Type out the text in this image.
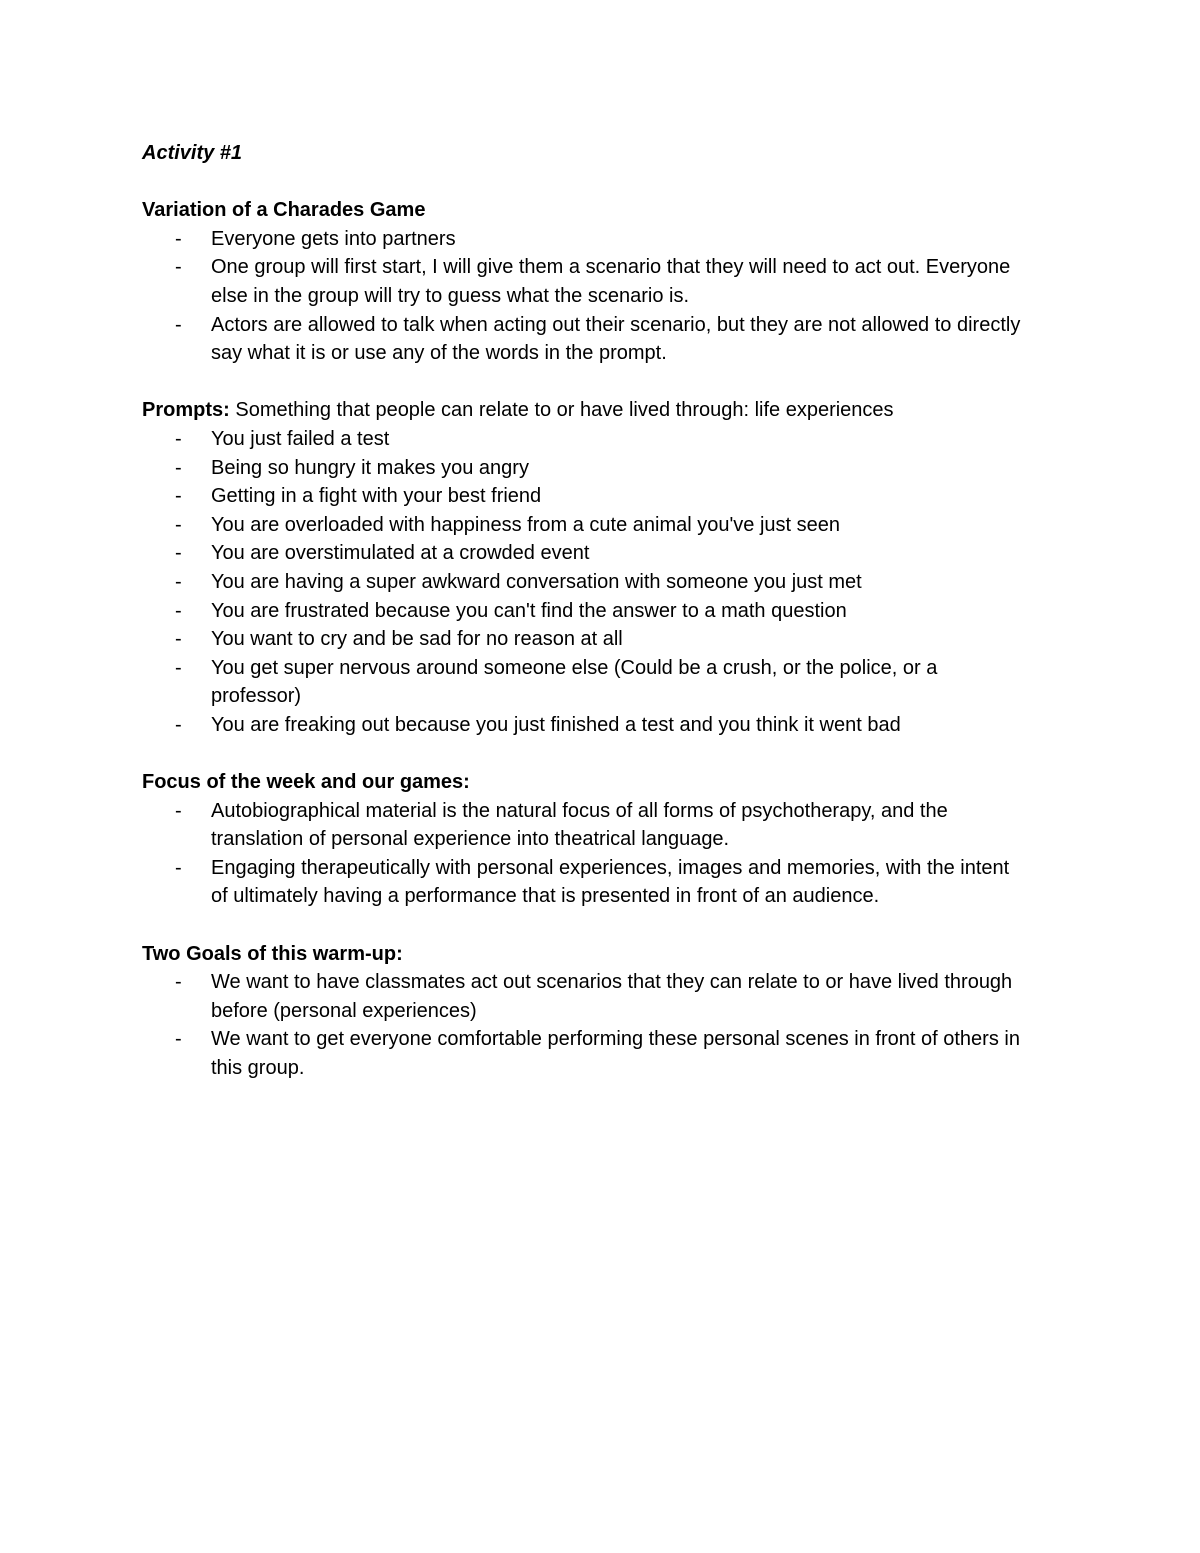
Activity #1

Variation of a Charades Game

- Everyone gets into partners
- One group will first start, I will give them a scenario that they will need to act out. Everyone else in the group will try to guess what the scenario is.
- Actors are allowed to talk when acting out their scenario, but they are not allowed to directly say what it is or use any of the words in the prompt.

Prompts: Something that people can relate to or have lived through: life experiences

- You just failed a test
- Being so hungry it makes you angry
- Getting in a fight with your best friend
- You are overloaded with happiness from a cute animal you've just seen
- You are overstimulated at a crowded event
- You are having a super awkward conversation with someone you just met
- You are frustrated because you can't find the answer to a math question
- You want to cry and be sad for no reason at all
- You get super nervous around someone else (Could be a crush, or the police, or a professor)
- You are freaking out because you just finished a test and you think it went bad

Focus of the week and our games:

- Autobiographical material is the natural focus of all forms of psychotherapy, and the translation of personal experience into theatrical language.
- Engaging therapeutically with personal experiences, images and memories, with the intent of ultimately having a performance that is presented in front of an audience.

Two Goals of this warm-up:

- We want to have classmates act out scenarios that they can relate to or have lived through before (personal experiences)
- We want to get everyone comfortable performing these personal scenes in front of others in this group.
